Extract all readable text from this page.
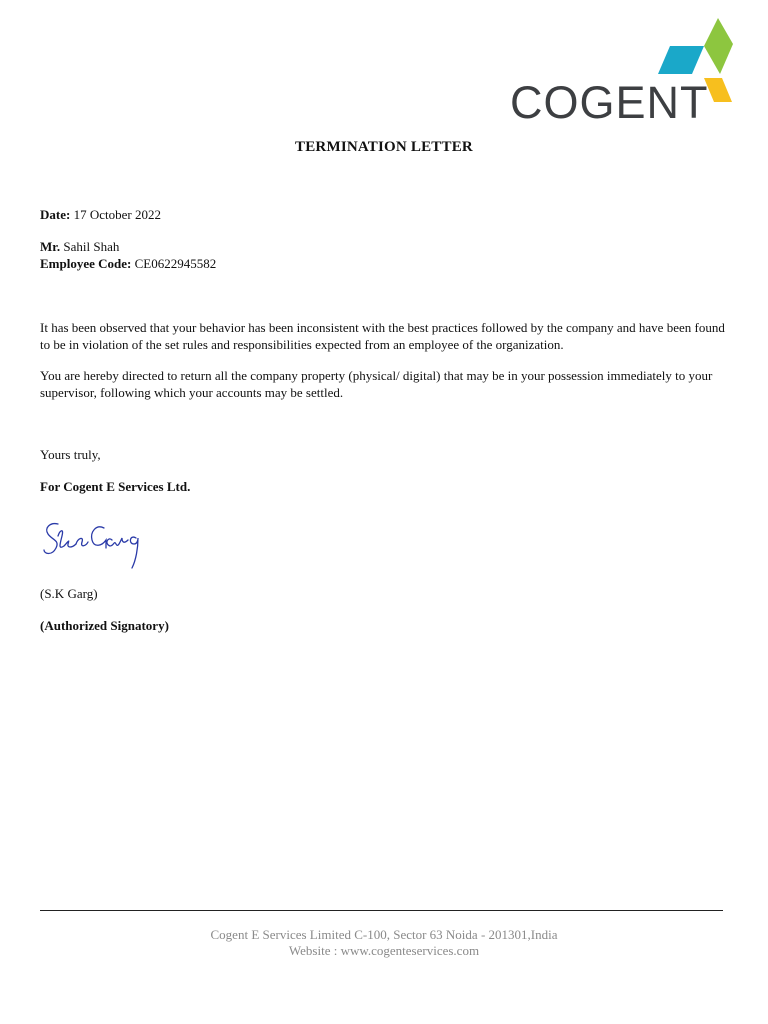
COGENT
TERMINATION LETTER
Date: 17 October 2022
Mr. Sahil Shah
Employee Code: CE0622945582
It has been observed that your behavior has been inconsistent with the best practices followed by the company and have been found to be in violation of the set rules and responsibilities expected from an employee of the organization.
You are hereby directed to return all the company property (physical/ digital) that may be in your possession immediately to your supervisor, following which your accounts may be settled.
Yours truly,
For Cogent E Services Ltd.
(S.K Garg)
(Authorized Signatory)
Cogent E Services Limited C-100, Sector 63 Noida - 201301,India
Website : www.cogenteservices.com
